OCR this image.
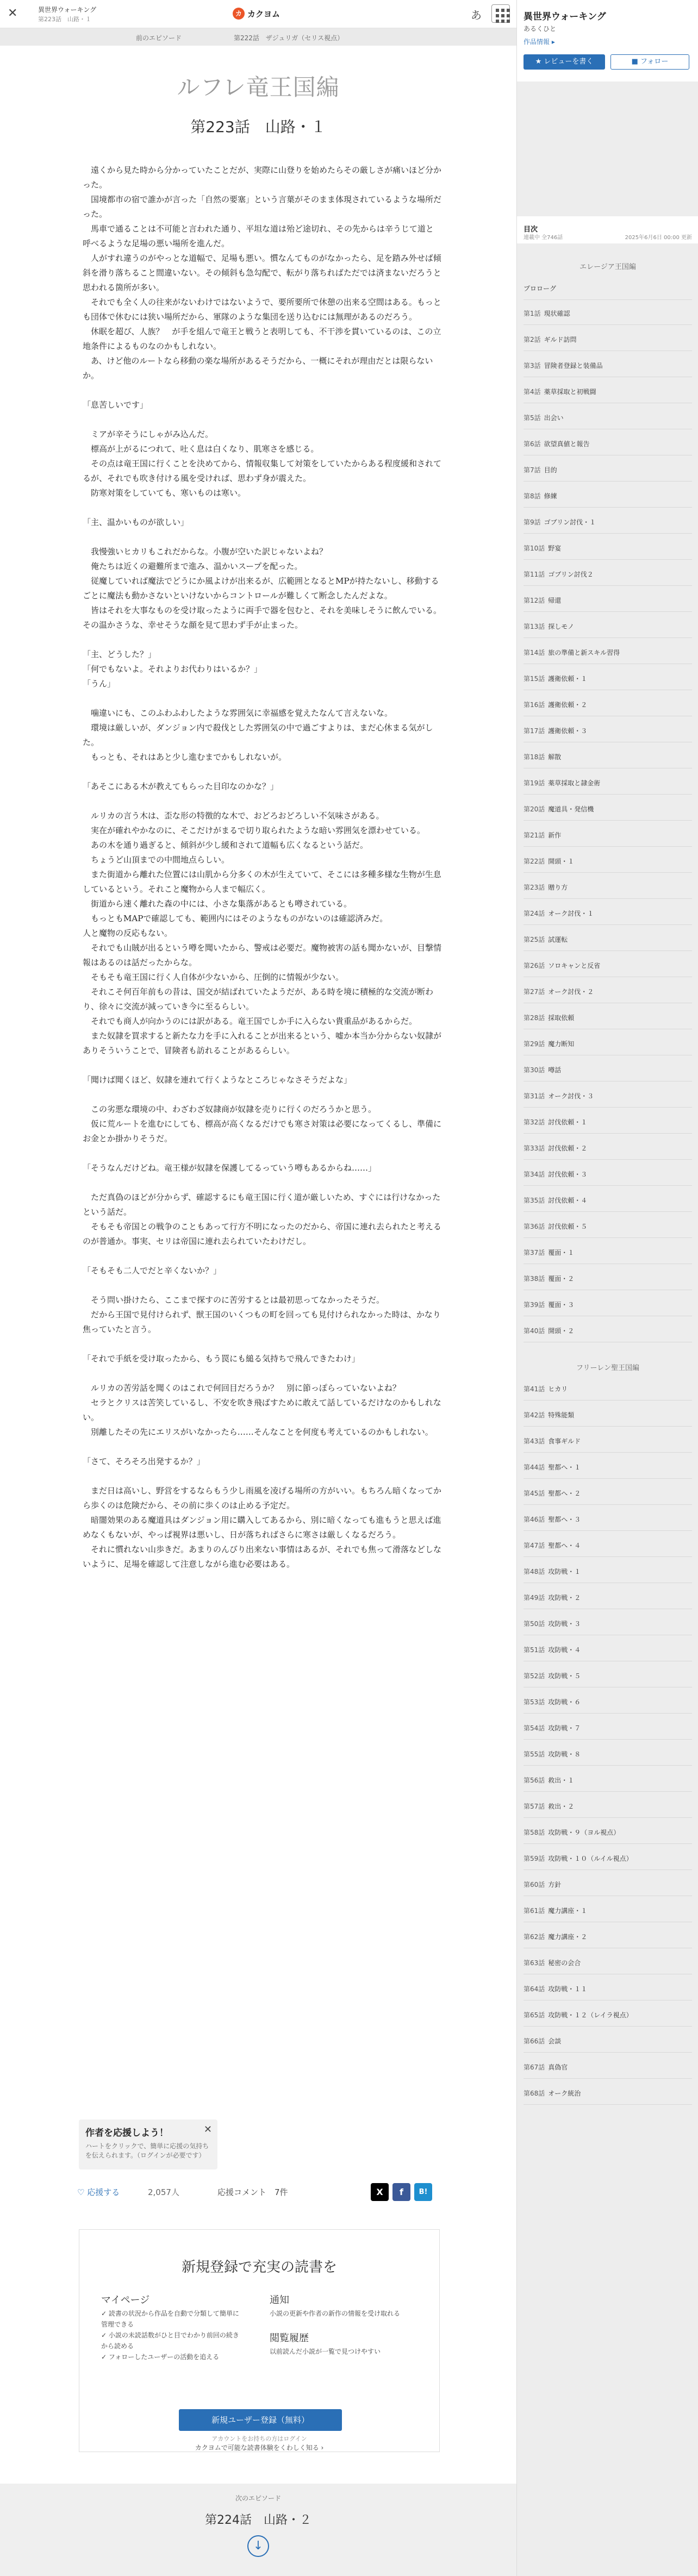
✕	異世界ウォーキング
第223話　山路・１
カ カクヨム	あ
前のエピソード	第222話　ザジュリガ（セリス視点）
ルフレ竜王国編
第223話　山路・１

　遠くから見た時から分かっていたことだが、実際に山登りを始めたらその厳しさが痛いほど分かった。

　国境都市の宿で誰かが言った「自然の要塞」という言葉がそのまま体現されているような場所だった。

　馬車で通ることは不可能と言われた通り、平坦な道は殆ど途切れ、その先からは辛うじて道と呼べるような足場の悪い場所を進んだ。

　人がすれ違うのがやっとな道幅で、足場も悪い。慣なんてものがなかったら、足を踏み外せば傾斜を滑り落ちること間違いない。その傾斜も急勾配で、転がり落ちればただでは済まないだろうと思われる箇所が多い。

　それでも全く人の往来がないわけではないようで、要所要所で休憩の出来る空間はある。もっとも団体で休むには狭い場所だから、軍隊のような集団を送り込むには無理があるのだろう。

　休眠を超び、人族？　が手を組んで竜王と戦うと表明しても、不干渉を貫いているのは、この立地条件によるものなのかもしれない。

　あ、けど他のルートなら移動の楽な場所があるそうだから、一概にそれが理由だとは限らないか。

「息苦しいです」

　ミアが辛そうにしゃがみ込んだ。

　標高が上がるにつれて、吐く息は白くなり、肌寒さを感じる。

　その点は竜王国に行くことを決めてから、情報収集して対策をしていたからある程度緩和されてるが、それでも吹き付ける風を受ければ、思わず身が震えた。

　防寒対策をしていても、寒いものは寒い。

「主、温かいものが欲しい」

　我慢強いヒカリもこれだからな。小腹が空いた訳じゃないよね？

　俺たちは近くの避難所まで進み、温かいスープを配った。

　従魔していれば魔法でどうにか風よけが出来るが、広範囲となるとMPが持たないし、移動するごとに魔法も動かさないといけないからコントロールが難しくて断念したんだよな。

　皆はそれを大事なものを受け取ったように両手で器を包むと、それを美味しそうに飲んでいる。その温かさうな、幸せそうな顔を見て思わず手が止まった。

「主、どうした？」

「何でもないよ。それよりお代わりはいるか？」

「うん」

　噛違いにも、このふわふわしたような雰囲気に幸福感を覚えたなんて言えないな。

　環境は厳しいが、ダンジョン内で殺伐とした雰囲気の中で過ごすよりは、まだ心休まる気がした。

　もっとも、それはあと少し進むまでかもしれないが。

「あそこにある木が教えてもらった目印なのかな？」

　ルリカの言う木は、歪な形の特徴的な木で、おどろおどろしい不気味さがある。

　実在が確れやかなのに、そこだけがまるで切り取られたような暗い雰囲気を漂わせている。

　あの木を通り過ぎると、傾斜が少し緩和されて道幅も広くなるという話だ。

　ちょうど山頂までの中間地点らしい。

　また街道から離れた位置には山肌から分多くの木が生えていて、そこには多種多様な生物が生息しているという。それこと魔物から人まで幅広く。

　街道から速く離れた森の中には、小さな集落があるとも噂されている。

　もっともMAPで確認しても、範囲内にはそのようなものがないのは確認済みだ。

人と魔物の反応もない。

　それでも山賊が出るという噂を聞いたから、警戒は必要だ。魔物被害の話も聞かないが、目撃情報はあるのは話だったからな。

　そもそも竜王国に行く人自体が少ないから、圧倒的に情報が少ない。

　それこそ何百年前もの昔は、国交が結ばれていたようだが、ある時を境に積極的な交流が断わり、徐々に交流が減っていき今に至るらしい。

　それでも商人が向かうのには訳がある。竜王国でしか手に入らない貴重品があるからだ。

　また奴隷を買求すると新たな力を手に入れることが出来るという、嘘か本当か分からない奴隷がありそういうことで、冒険者も訪れることがあるらしい。

「聞けば聞くほど、奴隷を連れて行くようなところじゃなさそうだよな」

　この劣悪な環境の中、わざわざ奴隷商が奴隷を売りに行くのだろうかと思う。

　仮に荒ルートを進むにしても、標高が高くなるだけでも寒さ対策は必要になってくるし、準備にお金とか掛かりそうだ。

「そうなんだけどね。竜王様が奴隷を保護してるっていう噂もあるからね……」

　ただ真偽のほどが分からず、確認するにも竜王国に行く道が厳しいため、すぐには行けなかったという話だ。

　そもそも帝国との戦争のこともあって行方不明になったのだから、帝国に連れ去られたと考えるのが普通か。事実、セリは帝国に連れ去られていたわけだし。

「そもそも二人でだと辛くないか？」

　そう問い掛けたら、ここまで探すのに苦労するとは最初思ってなかったそうだ。

　だから王国で見付けられず、獣王国のいくつもの町を回っても見付けられなかった時は、かなり焦っていたと言う。

「それで手紙を受け取ったから、もう罠にも縋る気持ちで飛んできたわけ」

　ルリカの苦労話を聞くのはこれで何回目だろうか？　別に節っぽらっていないよね？

　セラとクリスは苦笑しているし、不安を吹き飛ばすために敢えて話しているだけなのかもしれない。

　別離したその先にエリスがいなかったら……そんなことを何度も考えているのかもしれない。

「さて、そろそろ出発するか？」

　まだ日は高いし、野営をするならもう少し雨風を凌げる場所の方がいい。もちろん暗くなってから歩くのは危険だから、その前に歩くのは止める予定だ。

　暗闇効果のある魔道具はダンジョン用に購入してあるから、別に暗くなっても進もうと思えば進めなくもないが、やっぱ視界は悪いし、日が落ちればさらに寒さは厳しくなるだろう。

　それに慣れない山歩きだ。あまりのんびり出来ない事情はあるが、それでも焦って滑落などしないように、足場を確認して注意しながら進む必要はある。

作者を応援しよう！
ハートをクリックで、簡単に応援の気持ちを伝えられます。（ログインが必要です）
✕
♡ 応援する	2,057人	応援コメント　7件	X	f	B!
新規登録で充実の読書を
マイページ
✓ 読書の状況から作品を自動で分類して簡単に管理できる
✓ 小説の未読話数がひと目でわかり前回の続きから読める
✓ フォローしたユーザーの活動を追える
通知
小説の更新や作者の新作の情報を受け取れる
閲覧履歴
以前読んだ小説が一覧で見つけやすい
新規ユーザー登録（無料）
アカウントをお持ちの方はログイン
カクヨムで可能な読書体験をくわしく知る ›
次のエピソード
第224話　山路・２
↓
異世界ウォーキング
あるくひと
作品情報 ▸
★ レビューを書く	■ フォロー
目次
連載中 全746話	2025年6月6日 00:00 更新
エレージア王国編
プロローグ
第1話 現状確認
第2話 ギルド訪問
第3話 冒険者登録と装備品
第4話 薬草採取と初戦闘
第5話 出会い
第6話 欲望真値と報告
第7話 目的
第8話 修練
第9話 ゴブリン討伐・１
第10話 野宴
第11話 ゴブリン討伐２
第12話 帰還
第13話 探しモノ
第14話 旅の準備と新スキル習得
第15話 護衛依頼・１
第16話 護衛依頼・２
第17話 護衛依頼・３
第18話 解散
第19話 薬草採取と隷金術
第20話 魔道具・発信機
第21話 新作
第22話 開頭・１
第23話 贈り方
第24話 オーク討伐・１
第25話 試運転
第26話 ソロキャンと反省
第27話 オーク討伐・２
第28話 採取依頼
第29話 魔力断知
第30話 噂話
第31話 オーク討伐・３
第32話 討伐依頼・１
第33話 討伐依頼・２
第34話 討伐依頼・３
第35話 討伐依頼・４
第36話 討伐依頼・５
第37話 覆面・１
第38話 覆面・２
第39話 覆面・３
第40話 開頭・２
フリーレン聖王国編
第41話 ヒカリ
第42話 特殊能類
第43話 食事ギルド
第44話 聖都へ・１
第45話 聖都へ・２
第46話 聖都へ・３
第47話 聖都へ・４
第48話 攻防戦・１
第49話 攻防戦・２
第50話 攻防戦・３
第51話 攻防戦・４
第52話 攻防戦・５
第53話 攻防戦・６
第54話 攻防戦・７
第55話 攻防戦・８
第56話 救出・１
第57話 救出・２
第58話 攻防戦・９（ヨル視点）
第59話 攻防戦・１０（ルイル視点）
第60話 方針
第61話 魔力講座・１
第62話 魔力講座・２
第63話 秘密の会合
第64話 攻防戦・１１
第65話 攻防戦・１２（レイラ視点）
第66話 会談
第67話 真偽官
第68話 オーク統治
